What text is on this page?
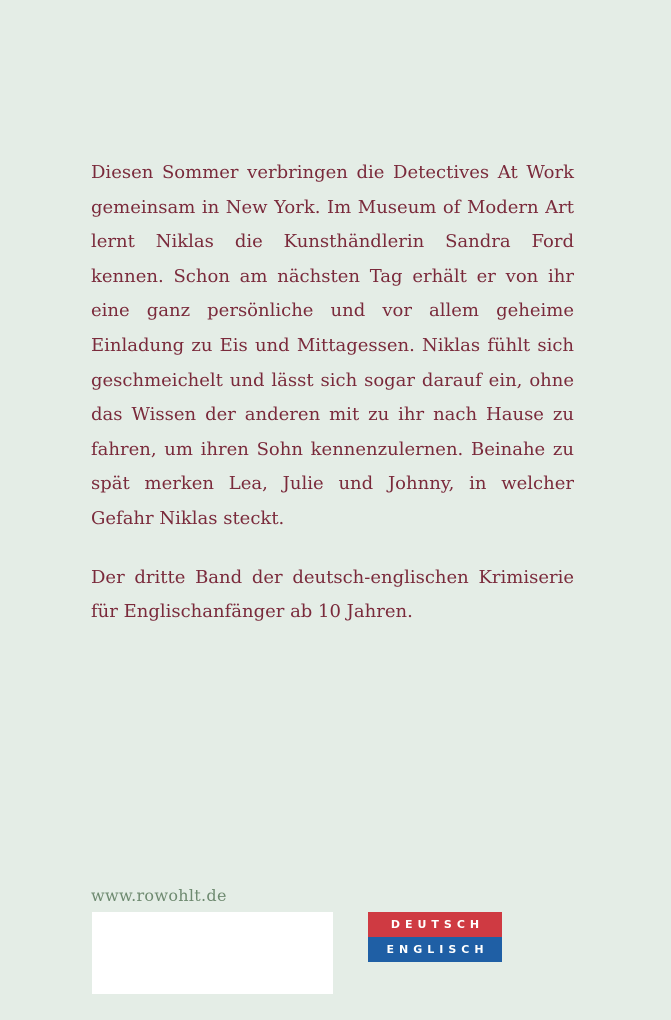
Diesen Sommer verbringen die Detectives At Work gemeinsam in New York. Im Museum of Modern Art lernt Niklas die Kunsthändlerin Sandra Ford kennen. Schon am nächsten Tag erhält er von ihr eine ganz persönliche und vor allem geheime Einladung zu Eis und Mittagessen. Niklas fühlt sich geschmeichelt und lässt sich sogar darauf ein, ohne das Wissen der anderen mit zu ihr nach Hause zu fahren, um ihren Sohn kennenzulernen. Beinahe zu spät merken Lea, Julie und Johnny, in welcher Gefahr Niklas steckt.

Der dritte Band der deutsch-englischen Krimiserie für Englischanfänger ab 10 Jahren.

www.rowohlt.de
DEUTSCH
ENGLISCH
